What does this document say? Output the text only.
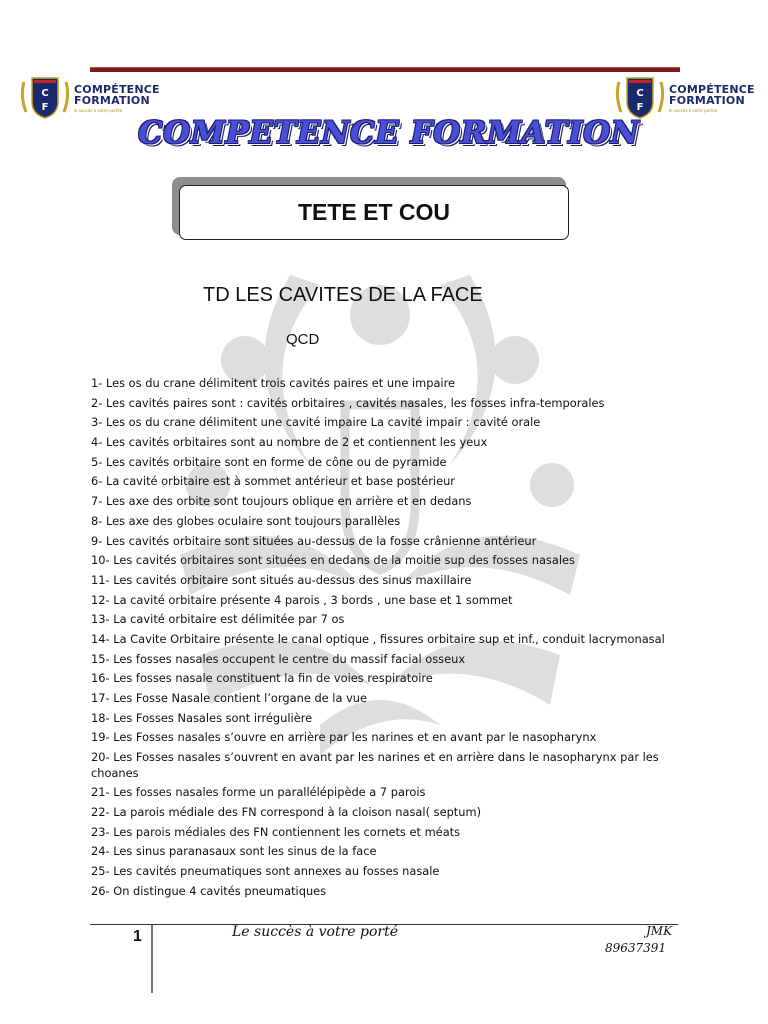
C
F
COMPÉTENCE
FORMATION
le succès à votre portée
C
F
COMPÉTENCE
FORMATION
le succès à votre portée
COMPETENCE FORMATION
TETE ET COU
TD LES CAVITES DE LA FACE
QCD
1- Les os du crane délimitent trois cavités paires et une impaire
2- Les cavités paires sont : cavités orbitaires , cavités nasales, les fosses infra-temporales
3- Les os du crane délimitent une cavité impaire La cavité impair : cavité orale
4- Les cavités orbitaires sont au nombre de 2 et contiennent les yeux
5- Les cavités orbitaire sont en forme de cône ou de pyramide
6- La cavité orbitaire est à sommet antérieur et base postérieur
7- Les axe des orbite sont toujours oblique en arrière et en dedans
8- Les axe des globes oculaire sont toujours parallèles
9- Les cavités orbitaire sont situées au-dessus de la fosse crânienne antérieur
10- Les cavités orbitaires sont situées en dedans de la moitie sup des fosses nasales
11- Les cavités orbitaire sont situés au-dessus des sinus maxillaire
12- La cavité orbitaire présente 4 parois , 3 bords , une base et 1 sommet
13- La cavité orbitaire est délimitée par 7 os
14- La Cavite Orbitaire présente le canal optique , fissures orbitaire sup et inf., conduit lacrymonasal
15- Les fosses nasales occupent le centre du massif facial osseux
16- Les fosses nasale constituent la fin de voies respiratoire
17- Les Fosse Nasale contient l’organe de la vue
18- Les Fosses Nasales sont irrégulière
19- Les Fosses nasales s’ouvre en arrière par les narines et en avant par le nasopharynx
20- Les Fosses nasales s’ouvrent en avant par les narines et en arrière dans le nasopharynx par les choanes
21- Les fosses nasales forme un parallélépipède a 7 parois
22- La parois médiale des FN correspond à la cloison nasal( septum)
23- Les parois médiales des FN contiennent les cornets et méats
24- Les sinus paranasaux sont les sinus de la face
25- Les cavités pneumatiques sont annexes au fosses nasale
26- On distingue 4 cavités pneumatiques
1	Le succès à votre porté	JMK
89637391
